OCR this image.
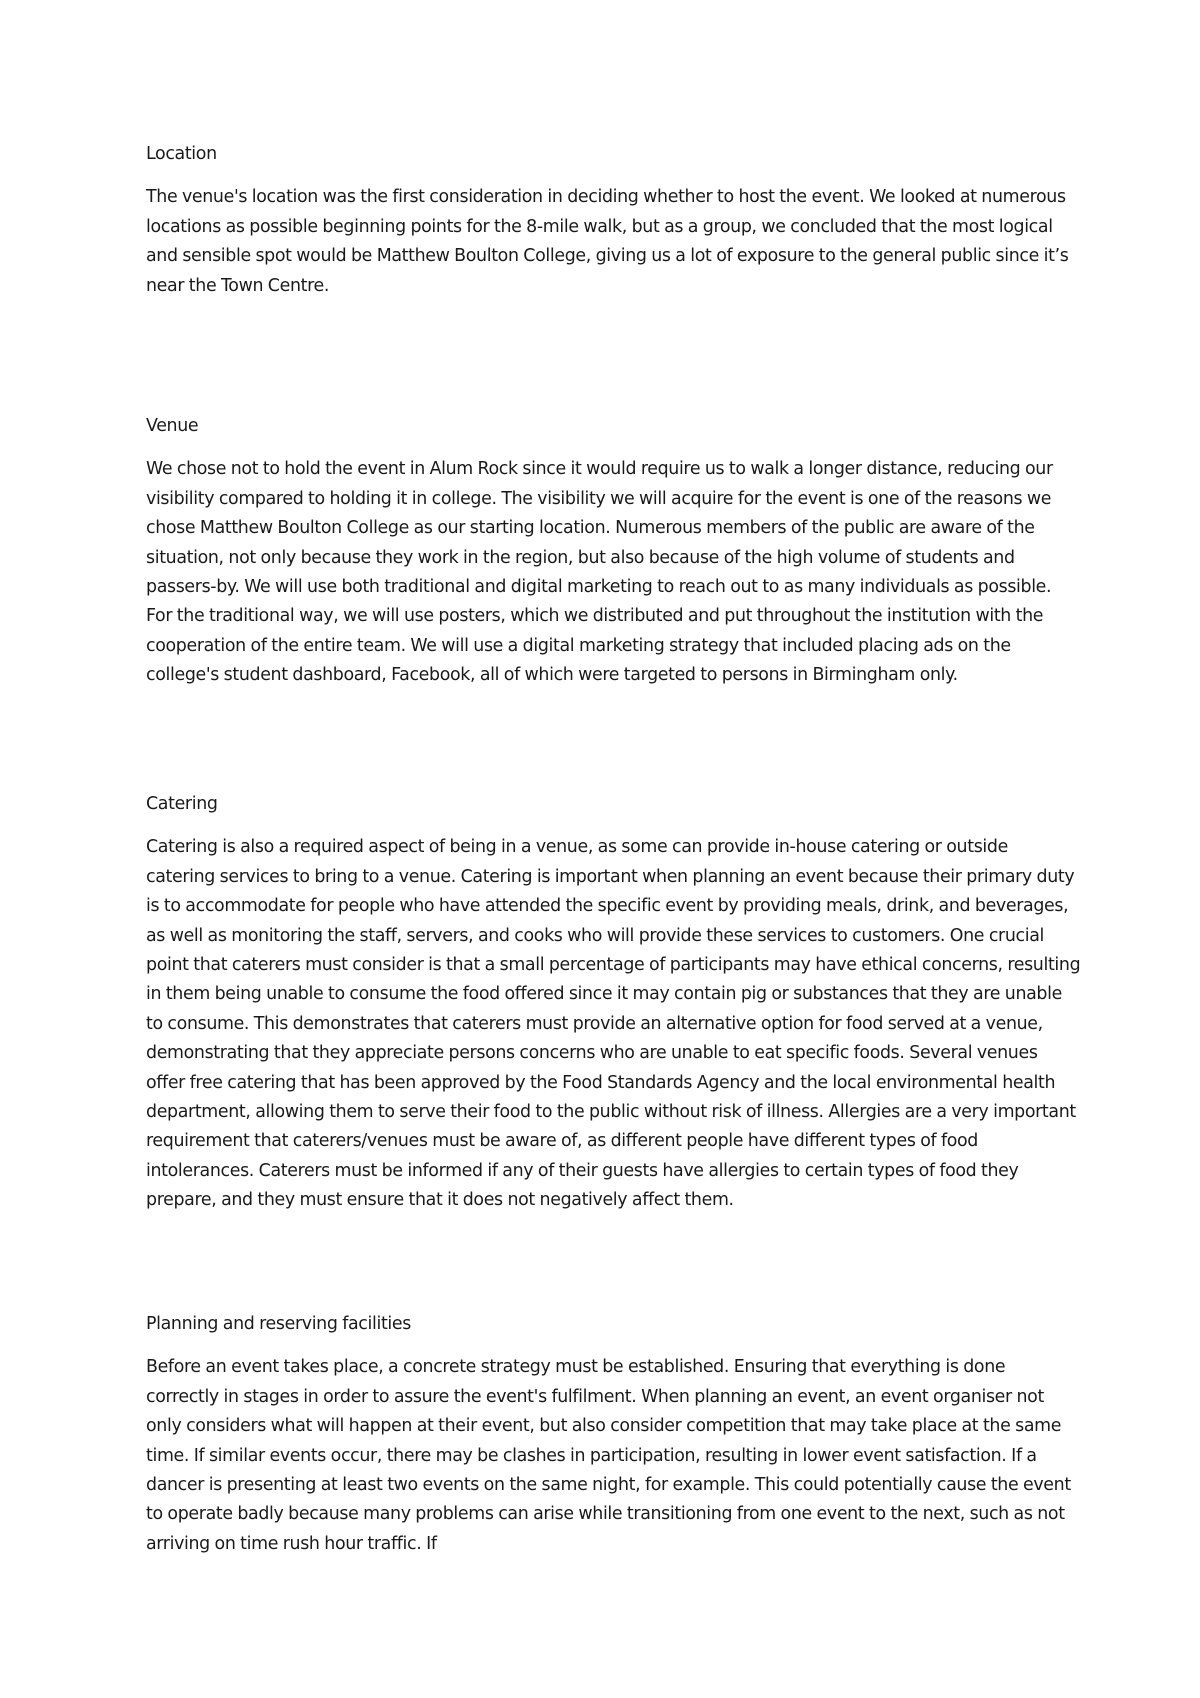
Location

The venue's location was the first consideration in deciding whether to host the event. We looked at numerous locations as possible beginning points for the 8-mile walk, but as a group, we concluded that the most logical and sensible spot would be Matthew Boulton College, giving us a lot of exposure to the general public since it’s near the Town Centre.

Venue

We chose not to hold the event in Alum Rock since it would require us to walk a longer distance, reducing our visibility compared to holding it in college. The visibility we will acquire for the event is one of the reasons we chose Matthew Boulton College as our starting location. Numerous members of the public are aware of the situation, not only because they work in the region, but also because of the high volume of students and passers-by. We will use both traditional and digital marketing to reach out to as many individuals as possible. For the traditional way, we will use posters, which we distributed and put throughout the institution with the cooperation of the entire team. We will use a digital marketing strategy that included placing ads on the college's student dashboard, Facebook, all of which were targeted to persons in Birmingham only.

Catering

Catering is also a required aspect of being in a venue, as some can provide in-house catering or outside catering services to bring to a venue. Catering is important when planning an event because their primary duty is to accommodate for people who have attended the specific event by providing meals, drink, and beverages, as well as monitoring the staff, servers, and cooks who will provide these services to customers. One crucial point that caterers must consider is that a small percentage of participants may have ethical concerns, resulting in them being unable to consume the food offered since it may contain pig or substances that they are unable to consume. This demonstrates that caterers must provide an alternative option for food served at a venue, demonstrating that they appreciate persons concerns who are unable to eat specific foods. Several venues offer free catering that has been approved by the Food Standards Agency and the local environmental health department, allowing them to serve their food to the public without risk of illness. Allergies are a very important requirement that caterers/venues must be aware of, as different people have different types of food intolerances. Caterers must be informed if any of their guests have allergies to certain types of food they prepare, and they must ensure that it does not negatively affect them.

Planning and reserving facilities

Before an event takes place, a concrete strategy must be established. Ensuring that everything is done correctly in stages in order to assure the event's fulfilment. When planning an event, an event organiser not only considers what will happen at their event, but also consider competition that may take place at the same time. If similar events occur, there may be clashes in participation, resulting in lower event satisfaction. If a dancer is presenting at least two events on the same night, for example. This could potentially cause the event to operate badly because many problems can arise while transitioning from one event to the next, such as not arriving on time rush hour traffic. If
